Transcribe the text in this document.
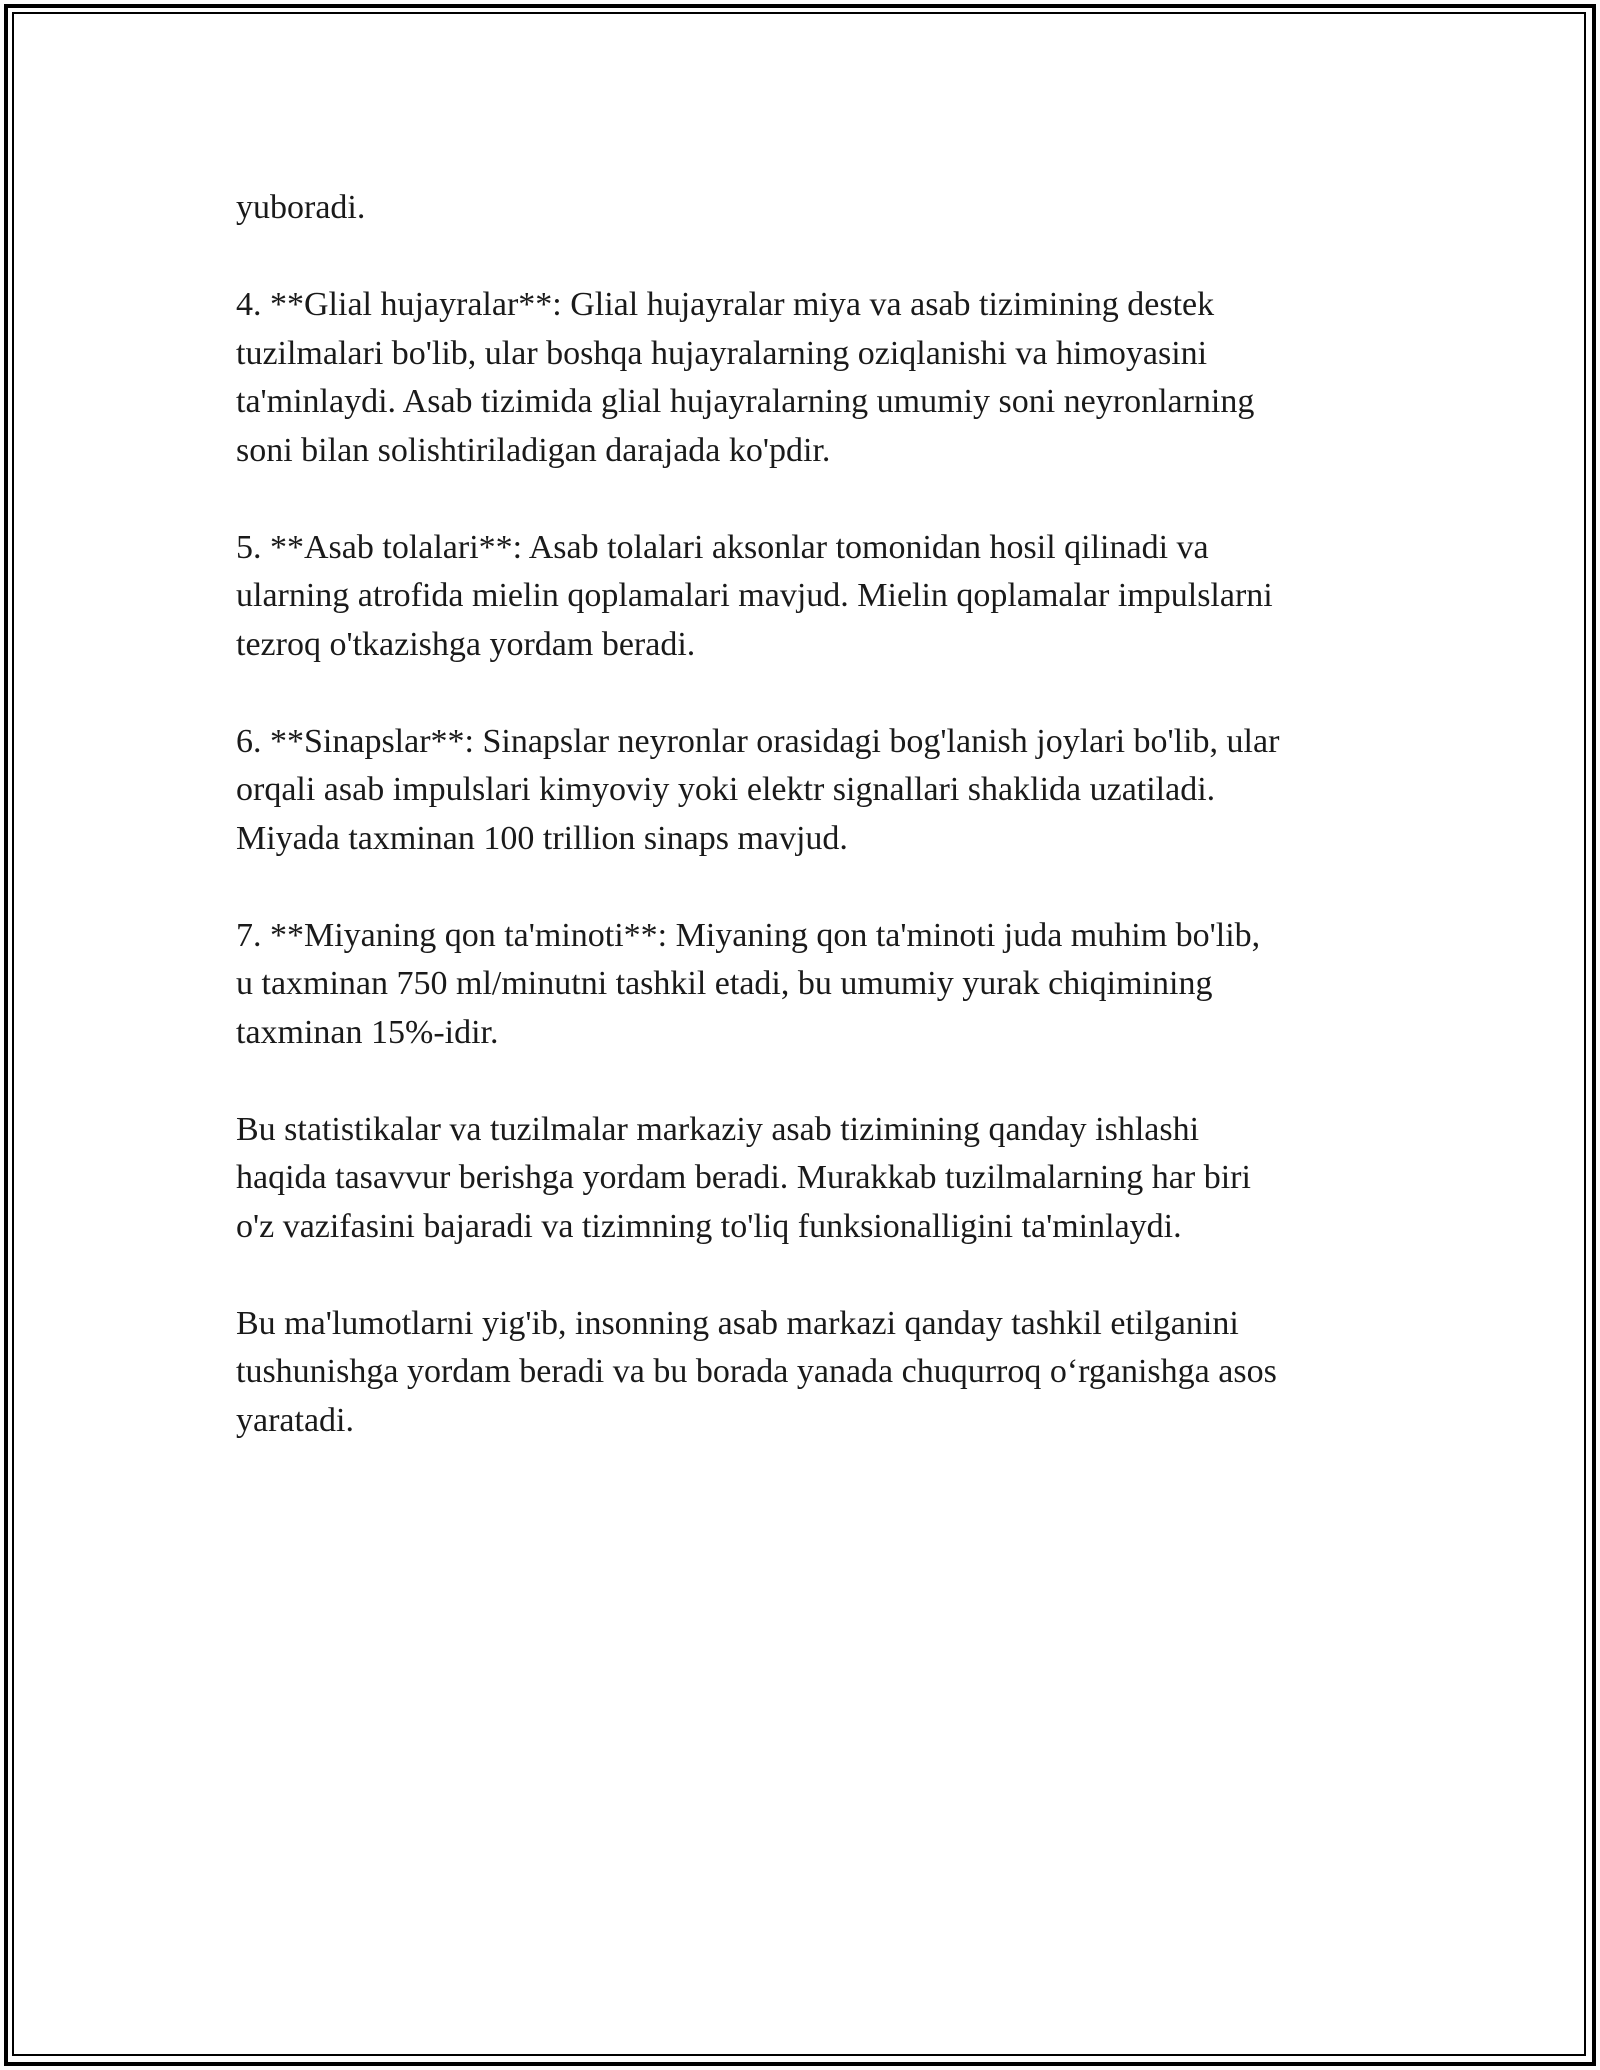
yuboradi.

4. **Glial hujayralar**: Glial hujayralar miya va asab tizimining destek
tuzilmalari bo'lib, ular boshqa hujayralarning oziqlanishi va himoyasini
ta'minlaydi. Asab tizimida glial hujayralarning umumiy soni neyronlarning
soni bilan solishtiriladigan darajada ko'pdir.

5. **Asab tolalari**: Asab tolalari aksonlar tomonidan hosil qilinadi va
ularning atrofida mielin qoplamalari mavjud. Mielin qoplamalar impulslarni
tezroq o'tkazishga yordam beradi.

6. **Sinapslar**: Sinapslar neyronlar orasidagi bog'lanish joylari bo'lib, ular
orqali asab impulslari kimyoviy yoki elektr signallari shaklida uzatiladi.
Miyada taxminan 100 trillion sinaps mavjud.

7. **Miyaning qon ta'minoti**: Miyaning qon ta'minoti juda muhim bo'lib,
u taxminan 750 ml/minutni tashkil etadi, bu umumiy yurak chiqimining
taxminan 15%-idir.

Bu statistikalar va tuzilmalar markaziy asab tizimining qanday ishlashi
haqida tasavvur berishga yordam beradi. Murakkab tuzilmalarning har biri
o'z vazifasini bajaradi va tizimning to'liq funksionalligini ta'minlaydi.

Bu ma'lumotlarni yig'ib, insonning asab markazi qanday tashkil etilganini
tushunishga yordam beradi va bu borada yanada chuqurroq oʻrganishga asos
yaratadi.
